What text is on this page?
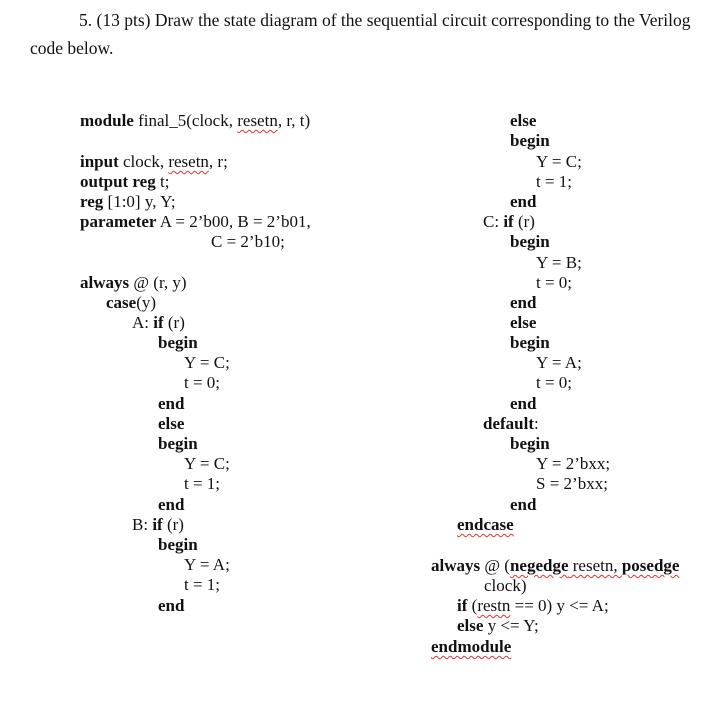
5. (13 pts) Draw the state diagram of the sequential circuit corresponding to the Verilog
code below.
module final_5(clock, resetn, r, t)
input clock, resetn, r;
output reg t;
reg [1:0] y, Y;
parameter A = 2’b00, B = 2’b01,
C = 2’b10;
always @ (r, y)
case(y)
A: if (r)
begin
Y = C;
t = 0;
end
else
begin
Y = C;
t = 1;
end
B: if (r)
begin
Y = A;
t = 1;
end
else
begin
Y = C;
t = 1;
end
C: if (r)
begin
Y = B;
t = 0;
end
else
begin
Y = A;
t = 0;
end
default:
begin
Y = 2’bxx;
S = 2’bxx;
end
endcase
always @ (negedge resetn, posedge
clock)
if (restn == 0) y <= A;
else y <= Y;
endmodule
